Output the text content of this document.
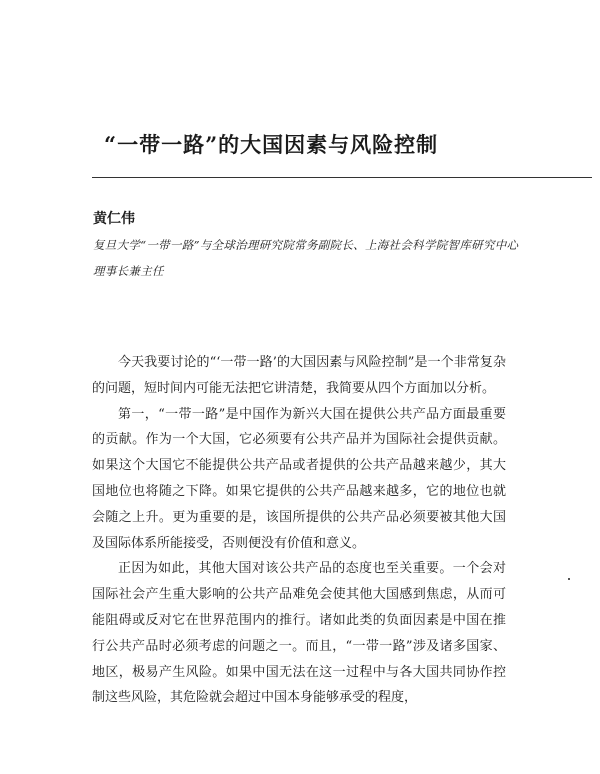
“一带一路”的大国因素与风险控制
黄仁伟
复旦大学“一带一路”与全球治理研究院常务副院长、上海社会科学院智库研究中心理事长兼主任

今天我要讨论的“‘一带一路’的大国因素与风险控制”是一个非常复杂的问题，短时间内可能无法把它讲清楚，我简要从四个方面加以分析。

第一，“一带一路”是中国作为新兴大国在提供公共产品方面最重要的贡献。作为一个大国，它必须要有公共产品并为国际社会提供贡献。如果这个大国它不能提供公共产品或者提供的公共产品越来越少，其大国地位也将随之下降。如果它提供的公共产品越来越多，它的地位也就会随之上升。更为重要的是，该国所提供的公共产品必须要被其他大国及国际体系所能接受，否则便没有价值和意义。

正因为如此，其他大国对该公共产品的态度也至关重要。一个会对国际社会产生重大影响的公共产品难免会使其他大国感到焦虑，从而可能阻碍或反对它在世界范围内的推行。诸如此类的负面因素是中国在推行公共产品时必须考虑的问题之一。而且，“一带一路”涉及诸多国家、地区，极易产生风险。如果中国无法在这一过程中与各大国共同协作控制这些风险，其危险就会超过中国本身能够承受的程度，
